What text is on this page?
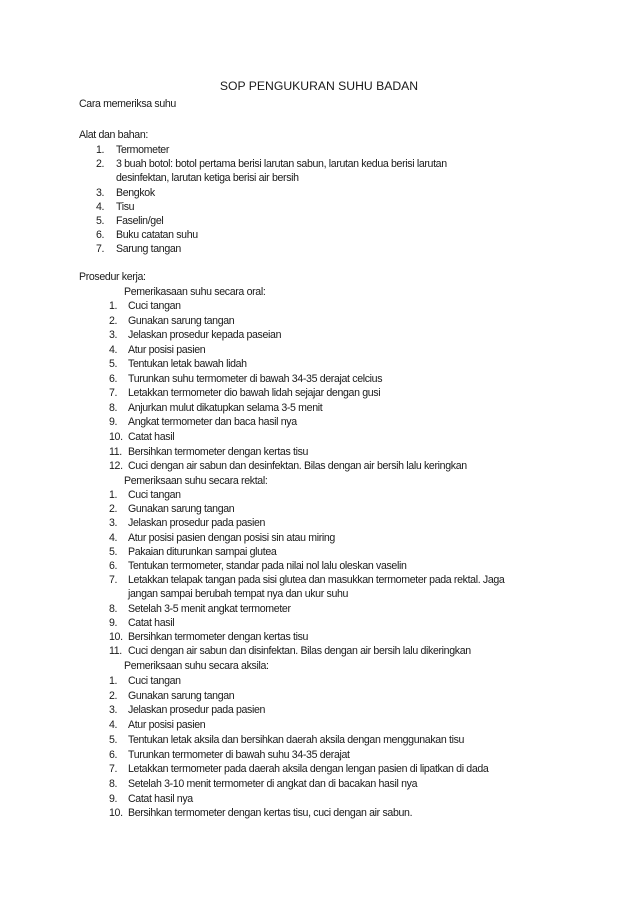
SOP PENGUKURAN SUHU BADAN
Cara memeriksa suhu
Alat dan bahan:
1. Termometer
2. 3 buah botol: botol pertama berisi larutan sabun, larutan kedua berisi larutan
desinfektan, larutan ketiga berisi air bersih
3. Bengkok
4. Tisu
5. Faselin/gel
6. Buku catatan suhu
7. Sarung tangan
Prosedur kerja:
Pemerikasaan suhu secara oral:
1. Cuci tangan
2. Gunakan sarung tangan
3. Jelaskan prosedur kepada paseian
4. Atur posisi pasien
5. Tentukan letak bawah lidah
6. Turunkan suhu termometer di bawah 34-35 derajat celcius
7. Letakkan termometer dio bawah lidah sejajar dengan gusi
8. Anjurkan mulut dikatupkan selama 3-5 menit
9. Angkat termometer dan baca hasil nya
10. Catat hasil
11. Bersihkan termometer dengan kertas tisu
12. Cuci dengan air sabun dan desinfektan. Bilas dengan air bersih lalu keringkan
Pemeriksaan suhu secara rektal:
1. Cuci tangan
2. Gunakan sarung tangan
3. Jelaskan prosedur pada pasien
4. Atur posisi pasien dengan posisi sin atau miring
5. Pakaian diturunkan sampai glutea
6. Tentukan termometer, standar pada nilai nol lalu oleskan vaselin
7. Letakkan telapak tangan pada sisi glutea dan masukkan termometer pada rektal. Jaga
jangan sampai berubah tempat nya dan ukur suhu
8. Setelah 3-5 menit angkat termometer
9. Catat hasil
10. Bersihkan termometer dengan kertas tisu
11. Cuci dengan air sabun dan disinfektan. Bilas dengan air bersih lalu dikeringkan
Pemeriksaan suhu secara aksila:
1. Cuci tangan
2. Gunakan sarung tangan
3. Jelaskan prosedur pada pasien
4. Atur posisi pasien
5. Tentukan letak aksila dan bersihkan daerah aksila dengan menggunakan tisu
6. Turunkan termometer di bawah suhu 34-35 derajat
7. Letakkan termometer pada daerah aksila dengan lengan pasien di lipatkan di dada
8. Setelah 3-10 menit termometer di angkat dan di bacakan hasil nya
9. Catat hasil nya
10. Bersihkan termometer dengan kertas tisu, cuci dengan air sabun.
